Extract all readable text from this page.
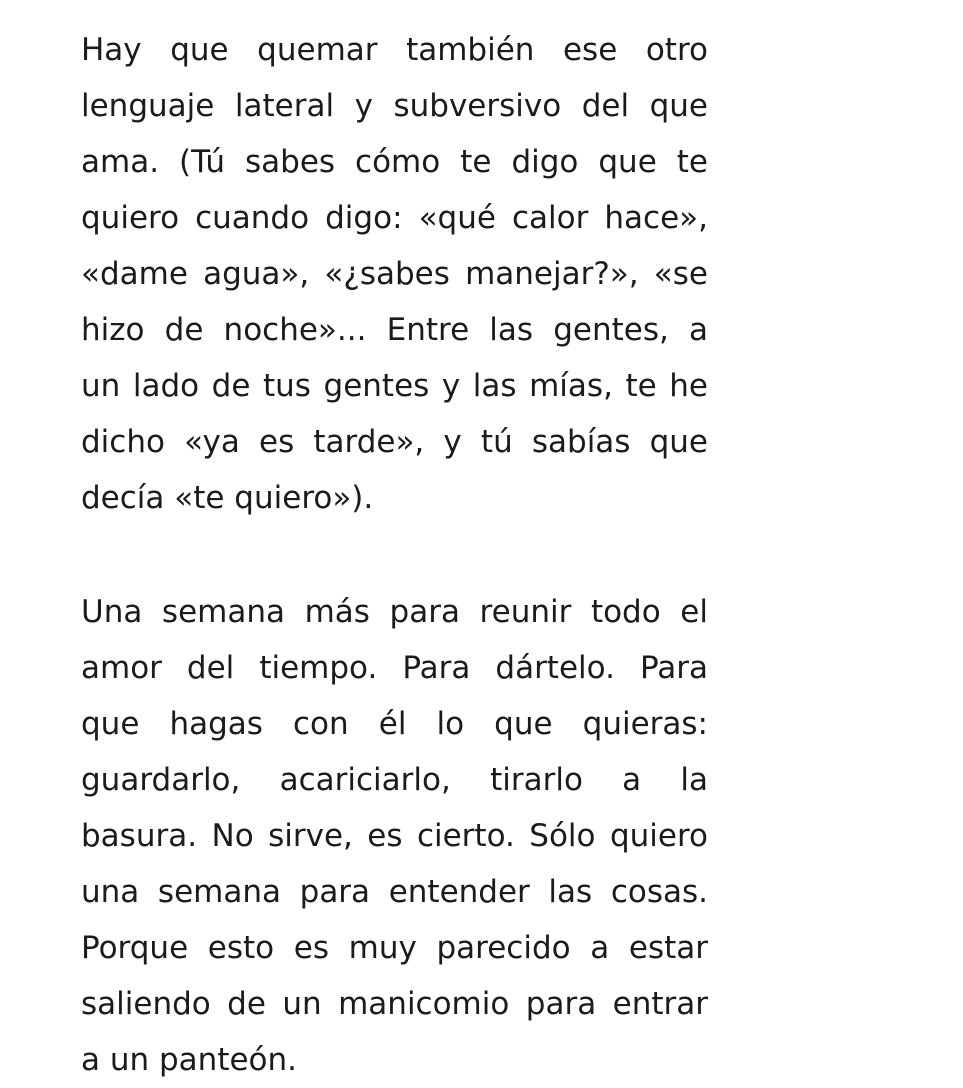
Hay que quemar también ese otro
lenguaje lateral y subversivo del que
ama. (Tú sabes cómo te digo que te
quiero cuando digo: «qué calor hace»,
«dame agua», «¿sabes manejar?», «se
hizo de noche»... Entre las gentes, a
un lado de tus gentes y las mías, te he
dicho «ya es tarde», y tú sabías que
decía «te quiero»).

Una semana más para reunir todo el
amor del tiempo. Para dártelo. Para
que hagas con él lo que quieras:
guardarlo, acariciarlo, tirarlo a la
basura. No sirve, es cierto. Sólo quiero
una semana para entender las cosas.
Porque esto es muy parecido a estar
saliendo de un manicomio para entrar
a un panteón.
